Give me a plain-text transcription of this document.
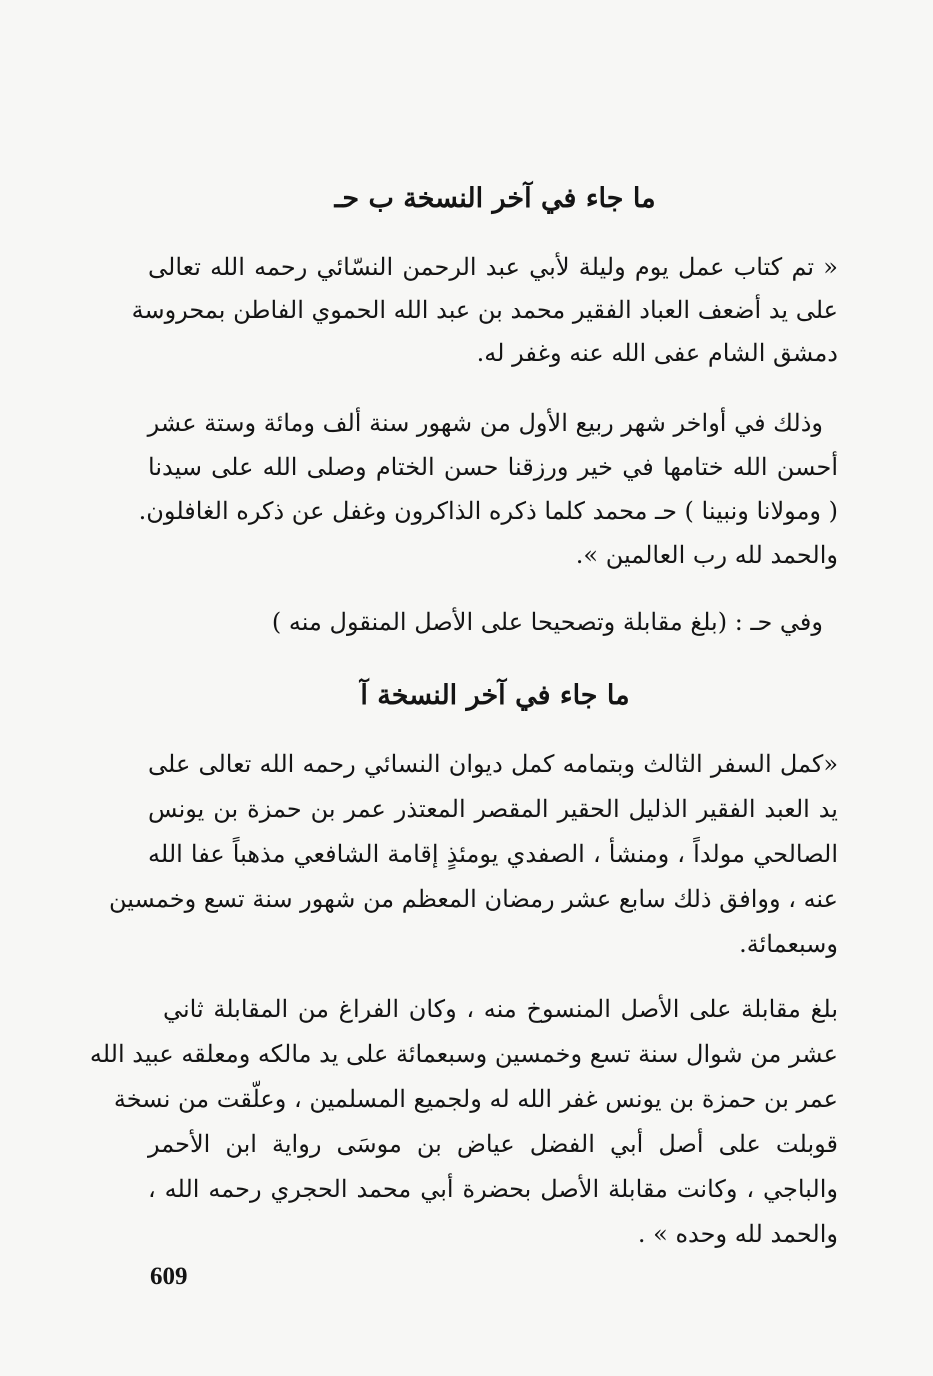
ما جاء في آخر النسخة ب حـ
« تم كتاب عمل يوم وليلة لأبي عبد الرحمن النسّائي رحمه الله تعالى
على يد أضعف العباد الفقير محمد بن عبد الله الحموي الفاطن بمحروسة
دمشق الشام عفى الله عنه وغفر له.
وذلك في أواخر شهر ربيع الأول من شهور سنة ألف ومائة وستة عشر
أحسن الله ختامها في خير ورزقنا حسن الختام وصلى الله على سيدنا
( ومولانا ونبينا ) حـ محمد كلما ذكره الذاكرون وغفل عن ذكره الغافلون.
والحمد لله رب العالمين ».
وفي حـ : (بلغ مقابلة وتصحيحا على الأصل المنقول منه )
ما جاء في آخر النسخة آ
«كمل السفر الثالث وبتمامه كمل ديوان النسائي رحمه الله تعالى على
يد العبد الفقير الذليل الحقير المقصر المعتذر عمر بن حمزة بن يونس
الصالحي مولداً ، ومنشأ ، الصفدي يومئذٍ إقامة الشافعي مذهباً عفا الله
عنه ، ووافق ذلك سابع عشر رمضان المعظم من شهور سنة تسع وخمسين
وسبعمائة.
بلغ مقابلة على الأصل المنسوخ منه ، وكان الفراغ من المقابلة ثاني
عشر من شوال سنة تسع وخمسين وسبعمائة على يد مالكه ومعلقه عبيد الله
عمر بن حمزة بن يونس غفر الله له ولجميع المسلمين ، وعلّقت من نسخة
قوبلت على أصل أبي الفضل عياض بن موسَى رواية ابن الأحمر
والباجي ، وكانت مقابلة الأصل بحضرة أبي محمد الحجري رحمه الله ،
والحمد لله وحده » .
609
